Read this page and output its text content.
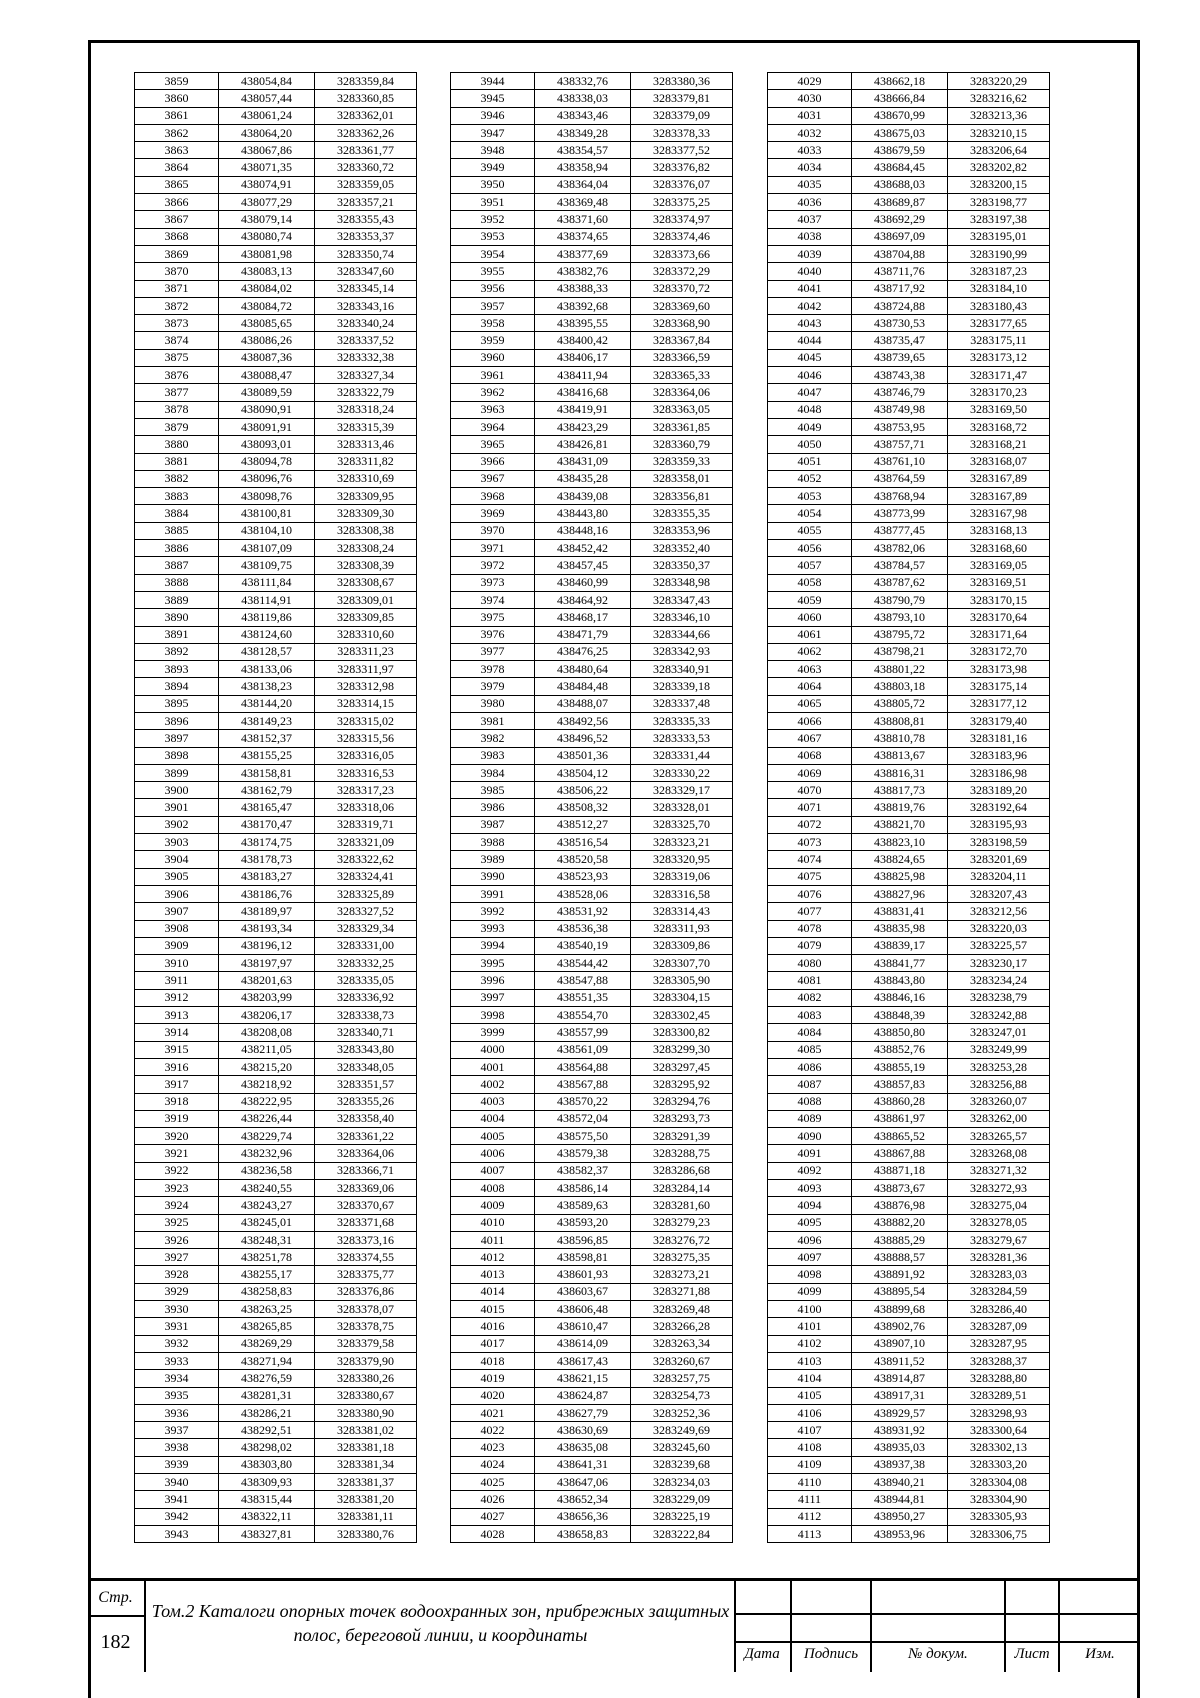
3859	438054,84	3283359,84
3860	438057,44	3283360,85
3861	438061,24	3283362,01
3862	438064,20	3283362,26
3863	438067,86	3283361,77
3864	438071,35	3283360,72
3865	438074,91	3283359,05
3866	438077,29	3283357,21
3867	438079,14	3283355,43
3868	438080,74	3283353,37
3869	438081,98	3283350,74
3870	438083,13	3283347,60
3871	438084,02	3283345,14
3872	438084,72	3283343,16
3873	438085,65	3283340,24
3874	438086,26	3283337,52
3875	438087,36	3283332,38
3876	438088,47	3283327,34
3877	438089,59	3283322,79
3878	438090,91	3283318,24
3879	438091,91	3283315,39
3880	438093,01	3283313,46
3881	438094,78	3283311,82
3882	438096,76	3283310,69
3883	438098,76	3283309,95
3884	438100,81	3283309,30
3885	438104,10	3283308,38
3886	438107,09	3283308,24
3887	438109,75	3283308,39
3888	438111,84	3283308,67
3889	438114,91	3283309,01
3890	438119,86	3283309,85
3891	438124,60	3283310,60
3892	438128,57	3283311,23
3893	438133,06	3283311,97
3894	438138,23	3283312,98
3895	438144,20	3283314,15
3896	438149,23	3283315,02
3897	438152,37	3283315,56
3898	438155,25	3283316,05
3899	438158,81	3283316,53
3900	438162,79	3283317,23
3901	438165,47	3283318,06
3902	438170,47	3283319,71
3903	438174,75	3283321,09
3904	438178,73	3283322,62
3905	438183,27	3283324,41
3906	438186,76	3283325,89
3907	438189,97	3283327,52
3908	438193,34	3283329,34
3909	438196,12	3283331,00
3910	438197,97	3283332,25
3911	438201,63	3283335,05
3912	438203,99	3283336,92
3913	438206,17	3283338,73
3914	438208,08	3283340,71
3915	438211,05	3283343,80
3916	438215,20	3283348,05
3917	438218,92	3283351,57
3918	438222,95	3283355,26
3919	438226,44	3283358,40
3920	438229,74	3283361,22
3921	438232,96	3283364,06
3922	438236,58	3283366,71
3923	438240,55	3283369,06
3924	438243,27	3283370,67
3925	438245,01	3283371,68
3926	438248,31	3283373,16
3927	438251,78	3283374,55
3928	438255,17	3283375,77
3929	438258,83	3283376,86
3930	438263,25	3283378,07
3931	438265,85	3283378,75
3932	438269,29	3283379,58
3933	438271,94	3283379,90
3934	438276,59	3283380,26
3935	438281,31	3283380,67
3936	438286,21	3283380,90
3937	438292,51	3283381,02
3938	438298,02	3283381,18
3939	438303,80	3283381,34
3940	438309,93	3283381,37
3941	438315,44	3283381,20
3942	438322,11	3283381,11
3943	438327,81	3283380,76
3944	438332,76	3283380,36
3945	438338,03	3283379,81
3946	438343,46	3283379,09
3947	438349,28	3283378,33
3948	438354,57	3283377,52
3949	438358,94	3283376,82
3950	438364,04	3283376,07
3951	438369,48	3283375,25
3952	438371,60	3283374,97
3953	438374,65	3283374,46
3954	438377,69	3283373,66
3955	438382,76	3283372,29
3956	438388,33	3283370,72
3957	438392,68	3283369,60
3958	438395,55	3283368,90
3959	438400,42	3283367,84
3960	438406,17	3283366,59
3961	438411,94	3283365,33
3962	438416,68	3283364,06
3963	438419,91	3283363,05
3964	438423,29	3283361,85
3965	438426,81	3283360,79
3966	438431,09	3283359,33
3967	438435,28	3283358,01
3968	438439,08	3283356,81
3969	438443,80	3283355,35
3970	438448,16	3283353,96
3971	438452,42	3283352,40
3972	438457,45	3283350,37
3973	438460,99	3283348,98
3974	438464,92	3283347,43
3975	438468,17	3283346,10
3976	438471,79	3283344,66
3977	438476,25	3283342,93
3978	438480,64	3283340,91
3979	438484,48	3283339,18
3980	438488,07	3283337,48
3981	438492,56	3283335,33
3982	438496,52	3283333,53
3983	438501,36	3283331,44
3984	438504,12	3283330,22
3985	438506,22	3283329,17
3986	438508,32	3283328,01
3987	438512,27	3283325,70
3988	438516,54	3283323,21
3989	438520,58	3283320,95
3990	438523,93	3283319,06
3991	438528,06	3283316,58
3992	438531,92	3283314,43
3993	438536,38	3283311,93
3994	438540,19	3283309,86
3995	438544,42	3283307,70
3996	438547,88	3283305,90
3997	438551,35	3283304,15
3998	438554,70	3283302,45
3999	438557,99	3283300,82
4000	438561,09	3283299,30
4001	438564,88	3283297,45
4002	438567,88	3283295,92
4003	438570,22	3283294,76
4004	438572,04	3283293,73
4005	438575,50	3283291,39
4006	438579,38	3283288,75
4007	438582,37	3283286,68
4008	438586,14	3283284,14
4009	438589,63	3283281,60
4010	438593,20	3283279,23
4011	438596,85	3283276,72
4012	438598,81	3283275,35
4013	438601,93	3283273,21
4014	438603,67	3283271,88
4015	438606,48	3283269,48
4016	438610,47	3283266,28
4017	438614,09	3283263,34
4018	438617,43	3283260,67
4019	438621,15	3283257,75
4020	438624,87	3283254,73
4021	438627,79	3283252,36
4022	438630,69	3283249,69
4023	438635,08	3283245,60
4024	438641,31	3283239,68
4025	438647,06	3283234,03
4026	438652,34	3283229,09
4027	438656,36	3283225,19
4028	438658,83	3283222,84
4029	438662,18	3283220,29
4030	438666,84	3283216,62
4031	438670,99	3283213,36
4032	438675,03	3283210,15
4033	438679,59	3283206,64
4034	438684,45	3283202,82
4035	438688,03	3283200,15
4036	438689,87	3283198,77
4037	438692,29	3283197,38
4038	438697,09	3283195,01
4039	438704,88	3283190,99
4040	438711,76	3283187,23
4041	438717,92	3283184,10
4042	438724,88	3283180,43
4043	438730,53	3283177,65
4044	438735,47	3283175,11
4045	438739,65	3283173,12
4046	438743,38	3283171,47
4047	438746,79	3283170,23
4048	438749,98	3283169,50
4049	438753,95	3283168,72
4050	438757,71	3283168,21
4051	438761,10	3283168,07
4052	438764,59	3283167,89
4053	438768,94	3283167,89
4054	438773,99	3283167,98
4055	438777,45	3283168,13
4056	438782,06	3283168,60
4057	438784,57	3283169,05
4058	438787,62	3283169,51
4059	438790,79	3283170,15
4060	438793,10	3283170,64
4061	438795,72	3283171,64
4062	438798,21	3283172,70
4063	438801,22	3283173,98
4064	438803,18	3283175,14
4065	438805,72	3283177,12
4066	438808,81	3283179,40
4067	438810,78	3283181,16
4068	438813,67	3283183,96
4069	438816,31	3283186,98
4070	438817,73	3283189,20
4071	438819,76	3283192,64
4072	438821,70	3283195,93
4073	438823,10	3283198,59
4074	438824,65	3283201,69
4075	438825,98	3283204,11
4076	438827,96	3283207,43
4077	438831,41	3283212,56
4078	438835,98	3283220,03
4079	438839,17	3283225,57
4080	438841,77	3283230,17
4081	438843,80	3283234,24
4082	438846,16	3283238,79
4083	438848,39	3283242,88
4084	438850,80	3283247,01
4085	438852,76	3283249,99
4086	438855,19	3283253,28
4087	438857,83	3283256,88
4088	438860,28	3283260,07
4089	438861,97	3283262,00
4090	438865,52	3283265,57
4091	438867,88	3283268,08
4092	438871,18	3283271,32
4093	438873,67	3283272,93
4094	438876,98	3283275,04
4095	438882,20	3283278,05
4096	438885,29	3283279,67
4097	438888,57	3283281,36
4098	438891,92	3283283,03
4099	438895,54	3283284,59
4100	438899,68	3283286,40
4101	438902,76	3283287,09
4102	438907,10	3283287,95
4103	438911,52	3283288,37
4104	438914,87	3283288,80
4105	438917,31	3283289,51
4106	438929,57	3283298,93
4107	438931,92	3283300,64
4108	438935,03	3283302,13
4109	438937,38	3283303,20
4110	438940,21	3283304,08
4111	438944,81	3283304,90
4112	438950,27	3283305,93
4113	438953,96	3283306,75
Стр.
182
Том.2 Каталоги опорных точек водоохранных зон, прибрежных защитных полос, береговой линии, и координаты
Дата	Подпись	№ докум.	Лист	Изм.
